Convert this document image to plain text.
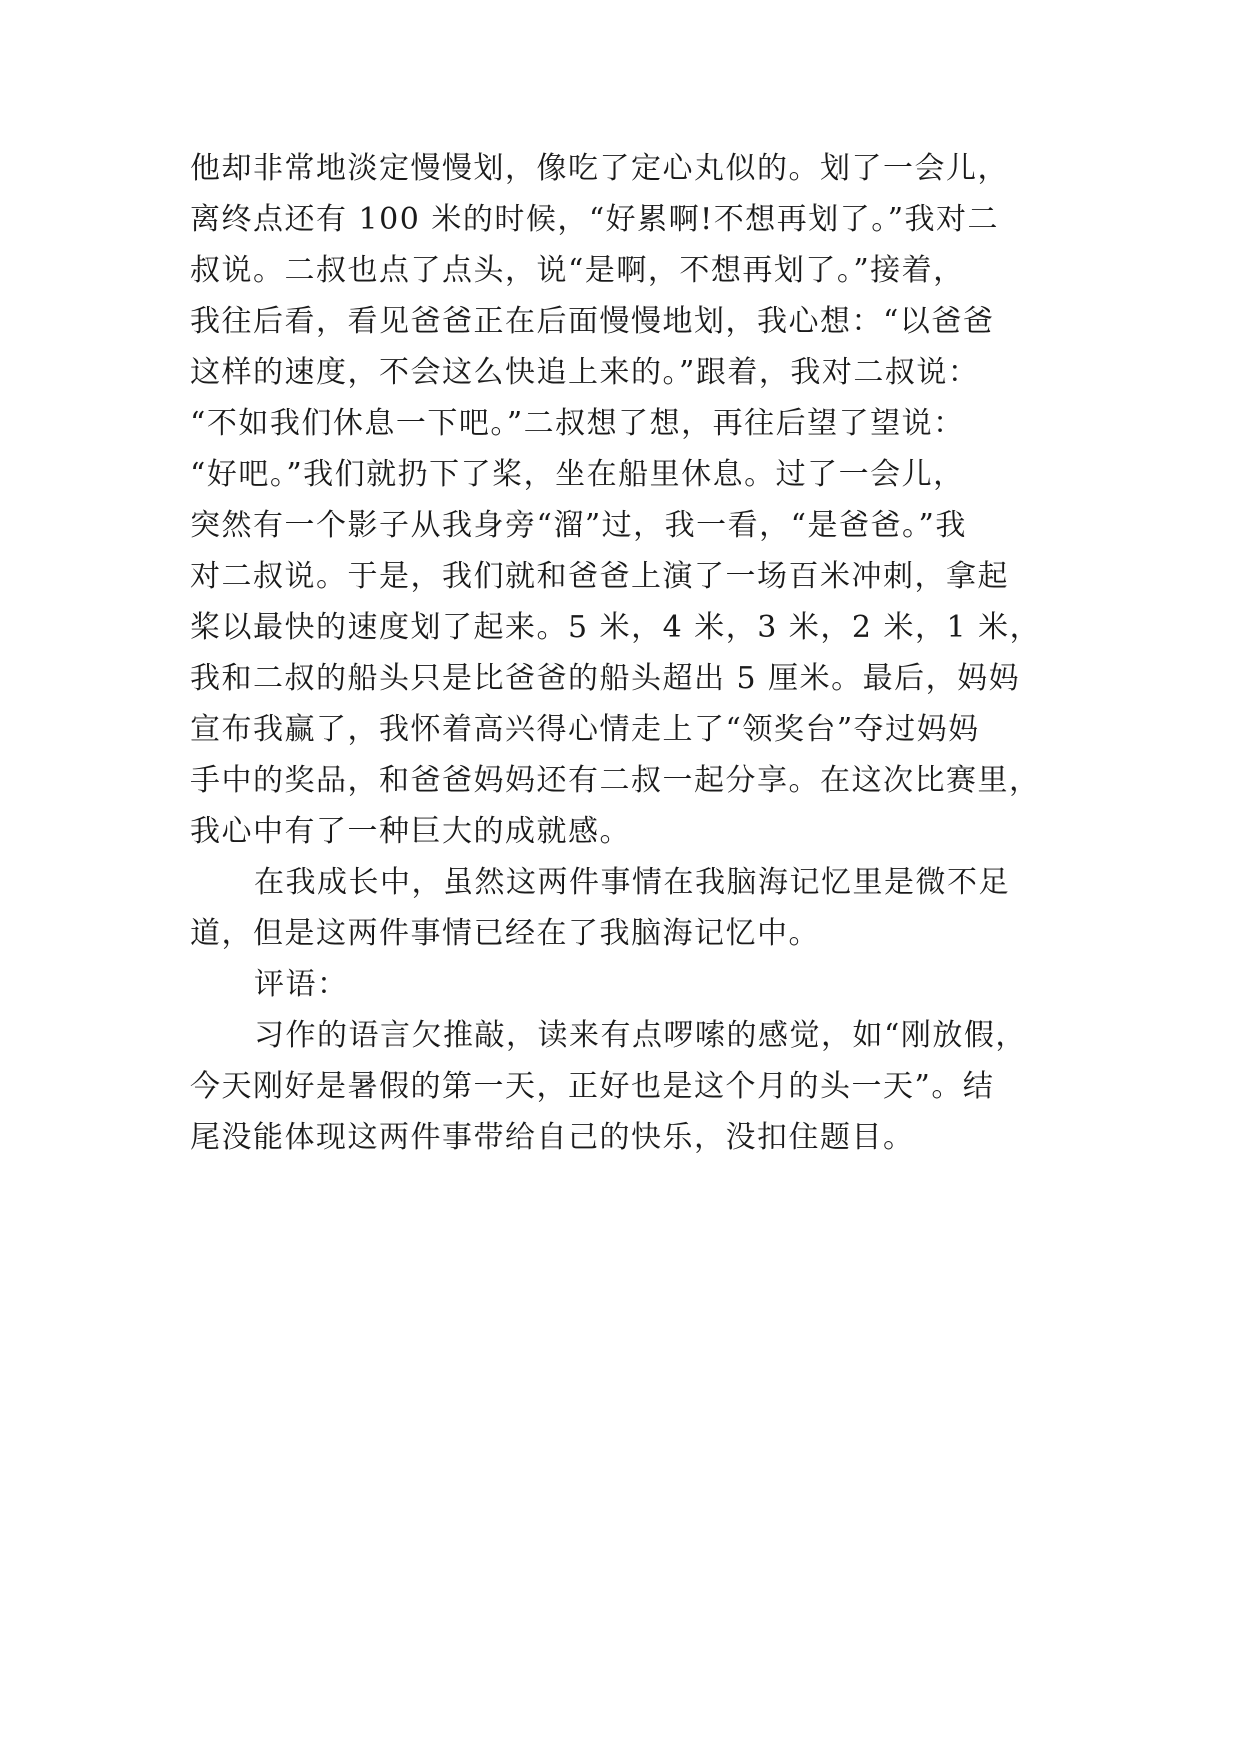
他却非常地淡定慢慢划，像吃了定心丸似的。划了一会儿，
离终点还有 100 米的时候，“好累啊!不想再划了。”我对二
叔说。二叔也点了点头，说“是啊，不想再划了。”接着，
我往后看，看见爸爸正在后面慢慢地划，我心想：“以爸爸
这样的速度，不会这么快追上来的。”跟着，我对二叔说：
“不如我们休息一下吧。”二叔想了想，再往后望了望说：
“好吧。”我们就扔下了桨，坐在船里休息。过了一会儿，
突然有一个影子从我身旁“溜”过，我一看，“是爸爸。”我
对二叔说。于是，我们就和爸爸上演了一场百米冲刺，拿起
桨以最快的速度划了起来。5 米，4 米，3 米，2 米，1 米，
我和二叔的船头只是比爸爸的船头超出 5 厘米。最后，妈妈
宣布我赢了，我怀着高兴得心情走上了“领奖台”夺过妈妈
手中的奖品，和爸爸妈妈还有二叔一起分享。在这次比赛里，
我心中有了一种巨大的成就感。
在我成长中，虽然这两件事情在我脑海记忆里是微不足
道，但是这两件事情已经在了我脑海记忆中。
评语：
习作的语言欠推敲，读来有点啰嗦的感觉，如“刚放假，
今天刚好是暑假的第一天，正好也是这个月的头一天”。结
尾没能体现这两件事带给自己的快乐，没扣住题目。
